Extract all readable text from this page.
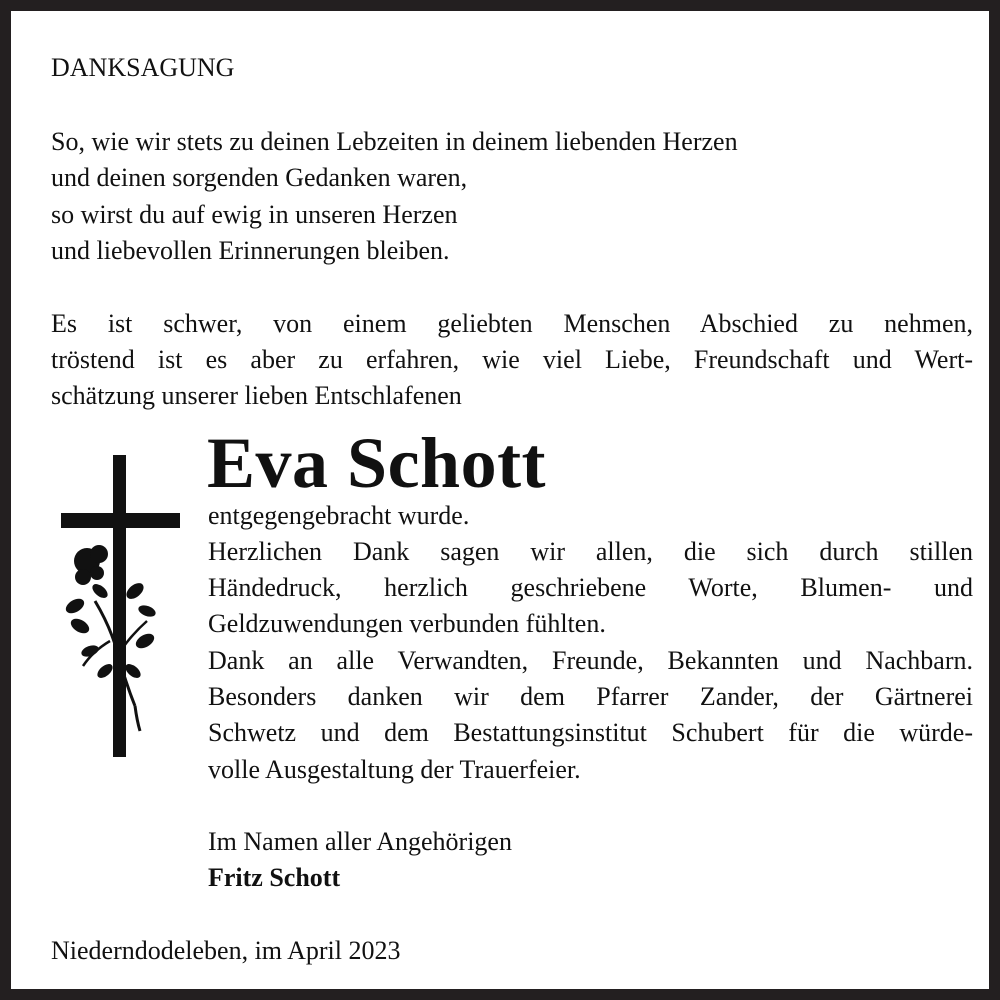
DANKSAGUNG
So, wie wir stets zu deinen Lebzeiten in deinem liebenden Herzen
und deinen sorgenden Gedanken waren,
so wirst du auf ewig in unseren Herzen
und liebevollen Erinnerungen bleiben.
Es ist schwer, von einem geliebten Menschen Abschied zu nehmen,
tröstend ist es aber zu erfahren, wie viel Liebe, Freundschaft und Wert-
schätzung unserer lieben Entschlafenen
Eva Schott
entgegengebracht wurde.
Herzlichen Dank sagen wir allen, die sich durch stillen
Händedruck, herzlich geschriebene Worte, Blumen- und
Geldzuwendungen verbunden fühlten.
Dank an alle Verwandten, Freunde, Bekannten und Nachbarn.
Besonders danken wir dem Pfarrer Zander, der Gärtnerei
Schwetz und dem Bestattungsinstitut Schubert für die würde-
volle Ausgestaltung der Trauerfeier.
Im Namen aller Angehörigen
Fritz Schott
Niederndodeleben, im April 2023
